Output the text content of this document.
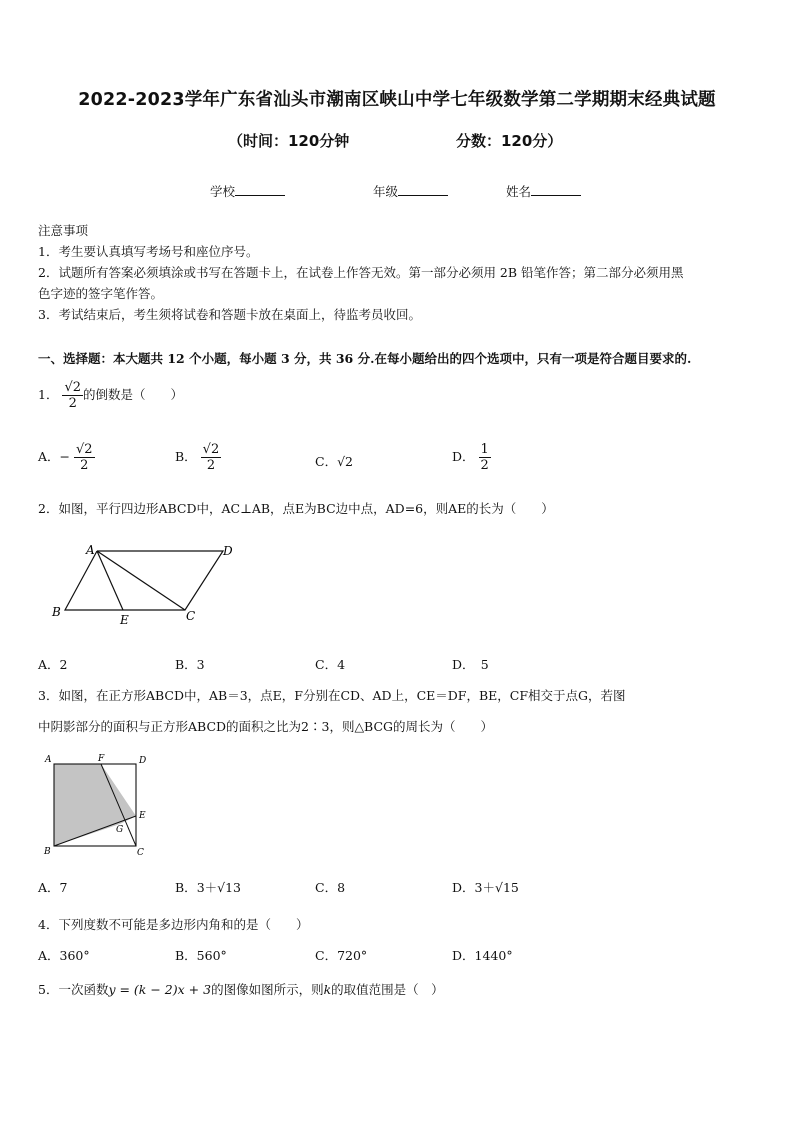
2022-2023学年广东省汕头市潮南区峡山中学七年级数学第二学期期末经典试题
（时间：120分钟	分数：120分）
学校	年级	姓名
注意事项
1．考生要认真填写考场号和座位序号。
2．试题所有答案必须填涂或书写在答题卡上，在试卷上作答无效。第一部分必须用 2B 铅笔作答；第二部分必须用黑
色字迹的签字笔作答。
3．考试结束后，考生须将试卷和答题卡放在桌面上，待监考员收回。
一、选择题：本大题共 12 个小题，每小题 3 分，共 36 分.在每小题给出的四个选项中，只有一项是符合题目要求的.
1． $\frac{√2}{2}$ 的倒数是（　　）
A．− $\frac{√2}{2}$	B． $\frac{√2}{2}$	C．√2	D． $\frac{1}{2}$
2．如图，平行四边形ABCD中，AC⊥AB，点E为BC边中点，AD=6，则AE的长为（　　）
A	D
B	C
E
A．2	B．3	C．4	D．　5
3．如图，在正方形ABCD中，AB＝3，点E，F分别在CD、AD上，CE＝DF，BE，CF相交于点G，若图
中阴影部分的面积与正方形ABCD的面积之比为2∶3，则△BCG的周长为（　　）
A	F	D
E
G
B	C
A．7	B．3＋√13	C．8	D．3＋√15
4．下列度数不可能是多边形内角和的是（　　）
A．360°	B．560°	C．720°	D．1440°
5．一次函数y = (k − 2)x + 3的图像如图所示，则k的取值范围是（　）
